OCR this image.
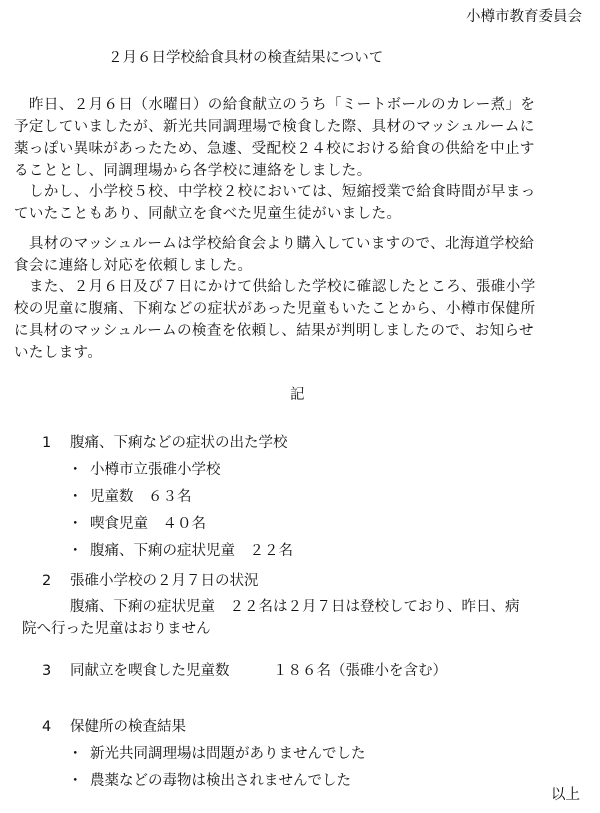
小樽市教育委員会
２月６日学校給食具材の検査結果について
昨日、２月６日（水曜日）の給食献立のうち「ミートボールのカレー煮」を
予定していましたが、新光共同調理場で検食した際、具材のマッシュルームに
薬っぽい異味があったため、急遽、受配校２４校における給食の供給を中止す
ることとし、同調理場から各学校に連絡をしました。
しかし、小学校５校、中学校２校においては、短縮授業で給食時間が早まっ
ていたこともあり、同献立を食べた児童生徒がいました。
具材のマッシュルームは学校給食会より購入していますので、北海道学校給
食会に連絡し対応を依頼しました。
また、２月６日及び７日にかけて供給した学校に確認したところ、張碓小学
校の児童に腹痛、下痢などの症状があった児童もいたことから、小樽市保健所
に具材のマッシュルームの検査を依頼し、結果が判明しましたので、お知らせ
いたします。
記
1 腹痛、下痢などの症状の出た学校
・ 小樽市立張碓小学校
・ 児童数　６３名
・ 喫食児童　４０名
・ 腹痛、下痢の症状児童　２２名
2 張碓小学校の２月７日の状況
腹痛、下痢の症状児童　２２名は２月７日は登校しており、昨日、病
院へ行った児童はおりません
3 同献立を喫食した児童数　　　１８６名（張碓小を含む）
4 保健所の検査結果
・ 新光共同調理場は問題がありませんでした
・ 農薬などの毒物は検出されませんでした
以上
